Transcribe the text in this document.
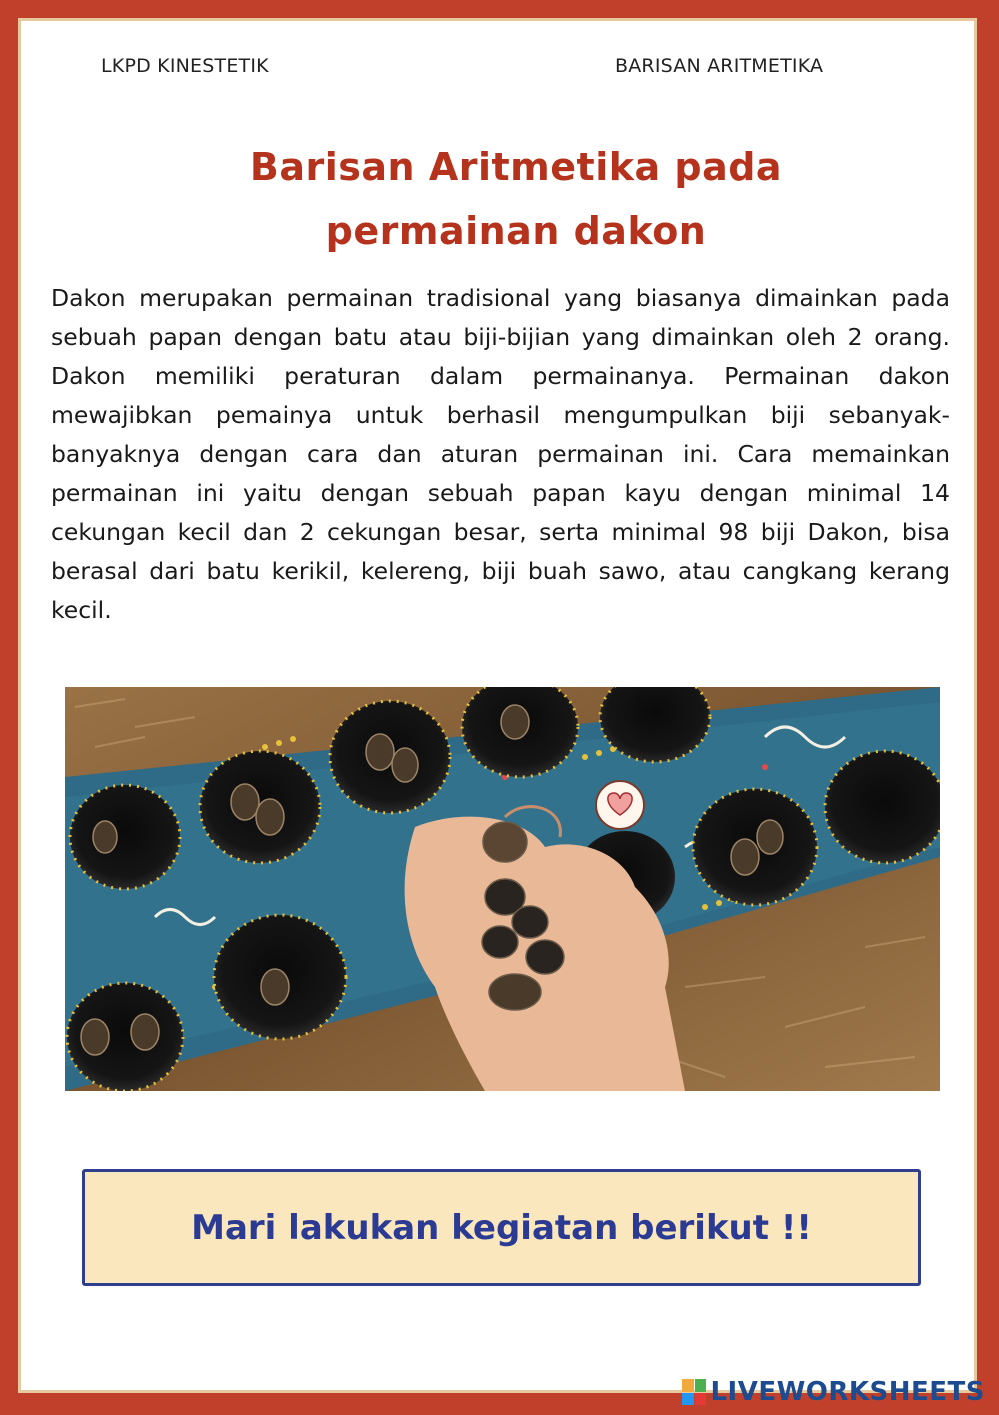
LKPD KINESTETIK	BARISAN ARITMETIKA
Barisan Aritmetika pada
permainan dakon

Dakon merupakan permainan tradisional yang biasanya dimainkan pada sebuah papan dengan batu atau biji-bijian yang dimainkan oleh 2 orang. Dakon memiliki peraturan dalam permainanya. Permainan dakon mewajibkan pemainya untuk berhasil mengumpulkan biji sebanyak-banyaknya dengan cara dan aturan permainan ini. Cara memainkan permainan ini yaitu dengan sebuah papan kayu dengan minimal 14 cekungan kecil dan 2 cekungan besar, serta minimal 98 biji Dakon, bisa berasal dari batu kerikil, kelereng, biji buah sawo, atau cangkang kerang kecil.

Mari lakukan kegiatan berikut !!
LIVEWORKSHEETS
